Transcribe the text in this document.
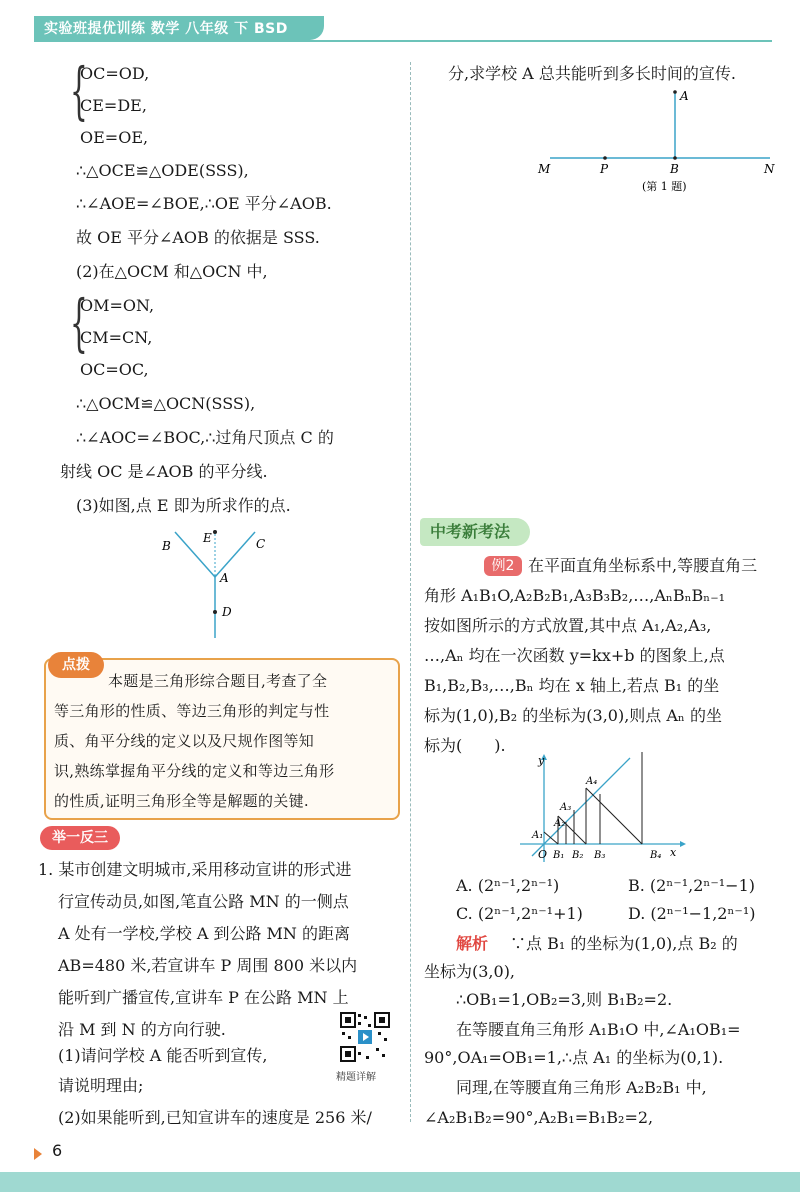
实验班提优训练 数学 八年级 下 BSD
{
OC=OD,
CE=DE,
OE=OE,
∴△OCE≌△ODE(SSS),
∴∠AOE=∠BOE,∴OE 平分∠AOB.
故 OE 平分∠AOB 的依据是 SSS.
(2)在△OCM 和△OCN 中,
{
OM=ON,
CM=CN,
OC=OC,
∴△OCM≌△OCN(SSS),
∴∠AOC=∠BOC,∴过角尺顶点 C 的
射线 OC 是∠AOB 的平分线.
(3)如图,点 E 即为所求作的点.
B
E	C
A
D
点拨
本题是三角形综合题目,考查了全
等三角形的性质、等边三角形的判定与性
质、角平分线的定义以及尺规作图等知
识,熟练掌握角平分线的定义和等边三角形
的性质,证明三角形全等是解题的关键.
举一反三
1. 某市创建文明城市,采用移动宣讲的形式进
行宣传动员,如图,笔直公路 MN 的一侧点
A 处有一学校,学校 A 到公路 MN 的距离
AB=480 米,若宣讲车 P 周围 800 米以内
能听到广播宣传,宣讲车 P 在公路 MN 上
沿 M 到 N 的方向行驶.
(1)请问学校 A 能否听到宣传,
请说明理由;
(2)如果能听到,已知宣讲车的速度是 256 米/
精题详解
分,求学校 A 总共能听到多长时间的宣传.
A
M	P	B	N
(第 1 题)
中考新考法
例2 在平面直角坐标系中,等腰直角三
角形 A₁B₁O,A₂B₂B₁,A₃B₃B₂,…,AₙBₙBₙ₋₁
按如图所示的方式放置,其中点 A₁,A₂,A₃,
…,Aₙ 均在一次函数 y=kx+b 的图象上,点
B₁,B₂,B₃,…,Bₙ 均在 x 轴上,若点 B₁ 的坐
标为(1,0),B₂ 的坐标为(3,0),则点 Aₙ 的坐
标为(　　).
y
x
O B₁ B₂ B₃	B₄
A₁
A₂
A₃
A₄
A. (2ⁿ⁻¹,2ⁿ⁻¹)	B. (2ⁿ⁻¹,2ⁿ⁻¹−1)
C. (2ⁿ⁻¹,2ⁿ⁻¹+1)	D. (2ⁿ⁻¹−1,2ⁿ⁻¹)
解析 ∵点 B₁ 的坐标为(1,0),点 B₂ 的
坐标为(3,0),
∴OB₁=1,OB₂=3,则 B₁B₂=2.
在等腰直角三角形 A₁B₁O 中,∠A₁OB₁=
90°,OA₁=OB₁=1,∴点 A₁ 的坐标为(0,1).
同理,在等腰直角三角形 A₂B₂B₁ 中,
∠A₂B₁B₂=90°,A₂B₁=B₁B₂=2,
6
